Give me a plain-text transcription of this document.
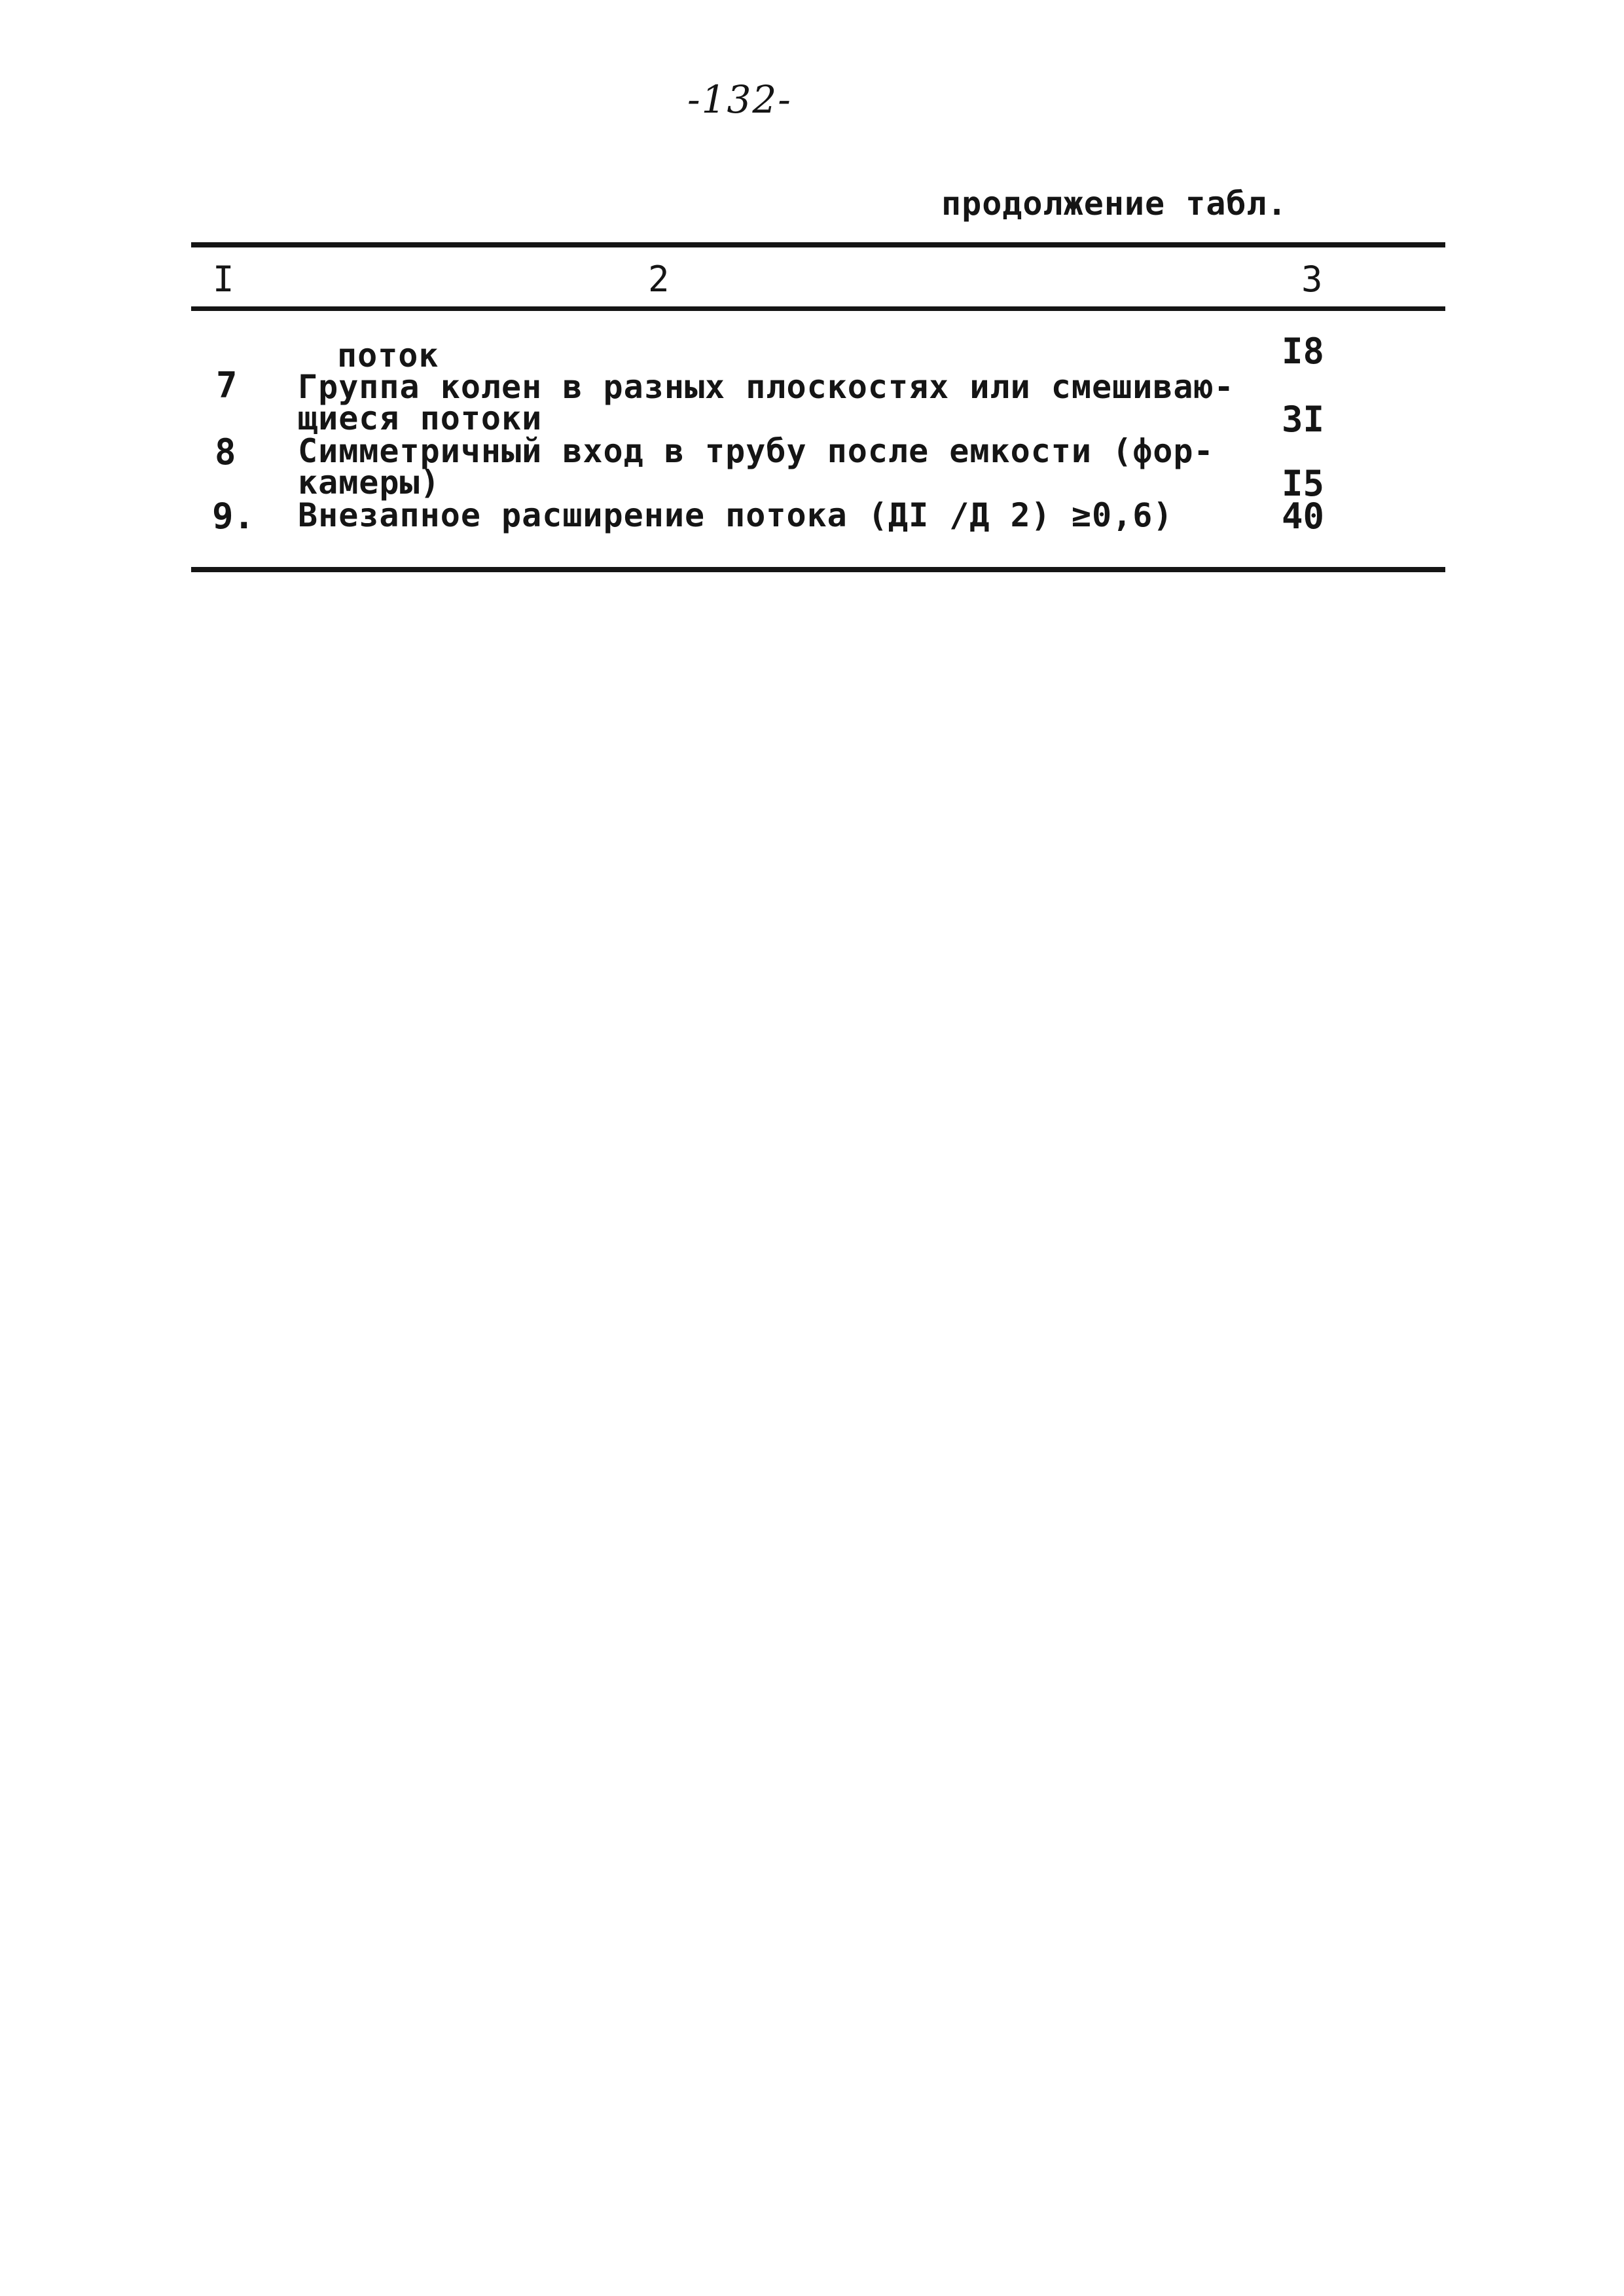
-132-
продолжение табл.
I	2	3
поток	I8
7 Группа колен в разных плоскостях или смешиваю-
щиеся потоки	3I
8 Симметричный вход в трубу после емкости (фор-
камеры)	I5
9. Внезапное расширение потока (ДI /Д 2) ≥0,6)	40
